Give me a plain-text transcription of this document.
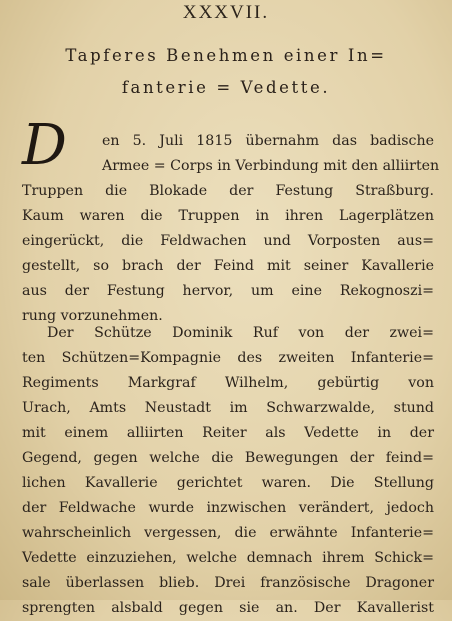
XXXVII.
Tapferes Benehmen einer In=
fanterie = Vedette.
D	en 5. Juli 1815 übernahm das badische
Armee = Corps in Verbindung mit den alliirten
Truppen die Blokade der Festung Straßburg.
Kaum waren die Truppen in ihren Lagerplätzen
eingerückt, die Feldwachen und Vorposten aus=
gestellt, so brach der Feind mit seiner Kavallerie
aus der Festung hervor, um eine Rekognoszi=
rung vorzunehmen.
Der Schütze Dominik Ruf von der zwei=
ten Schützen=Kompagnie des zweiten Infanterie=
Regiments Markgraf Wilhelm, gebürtig von
Urach, Amts Neustadt im Schwarzwalde, stund
mit einem alliirten Reiter als Vedette in der
Gegend, gegen welche die Bewegungen der feind=
lichen Kavallerie gerichtet waren. Die Stellung
der Feldwache wurde inzwischen verändert, jedoch
wahrscheinlich vergessen, die erwähnte Infanterie=
Vedette einzuziehen, welche demnach ihrem Schick=
sale überlassen blieb. Drei französische Dragoner
sprengten alsbald gegen sie an. Der Kavallerist
